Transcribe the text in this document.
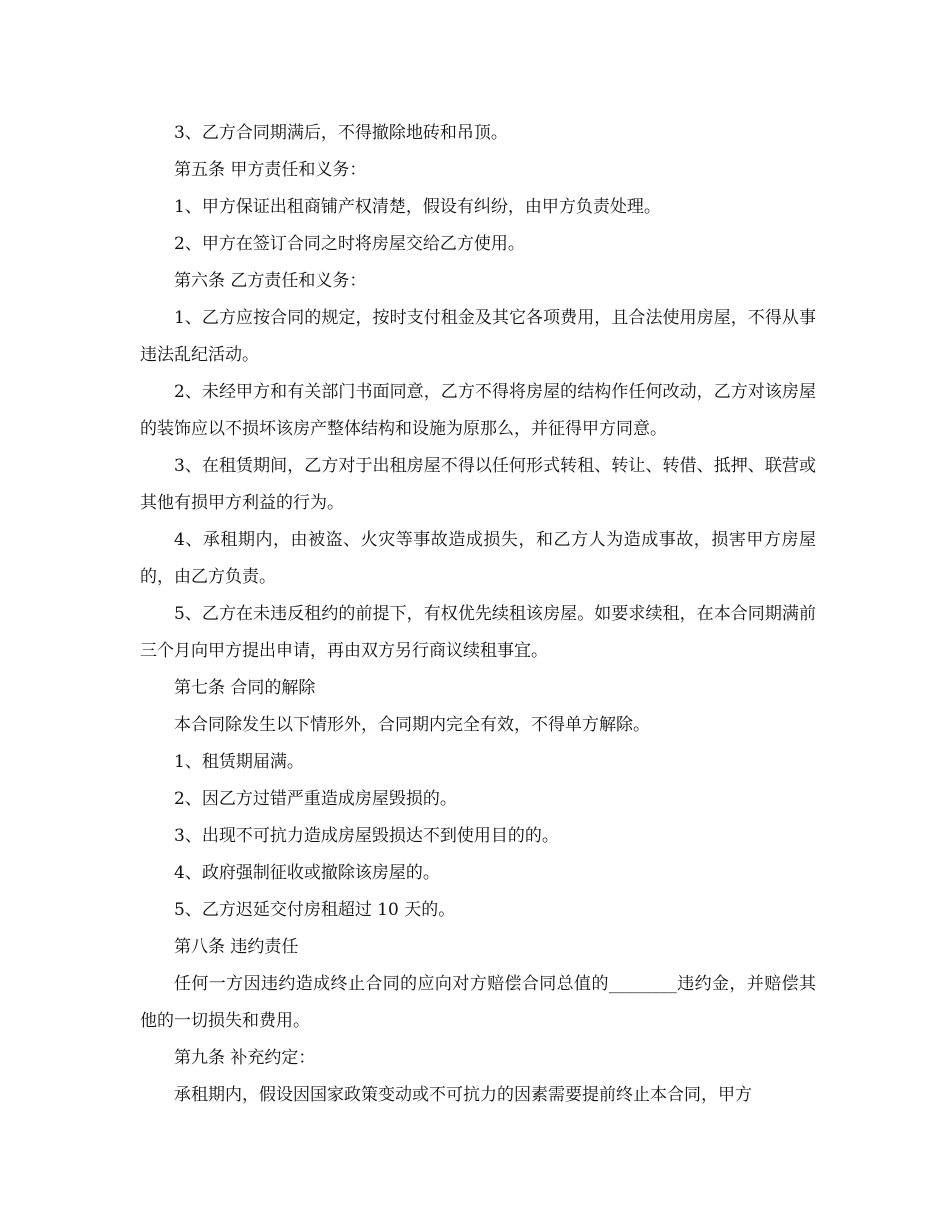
3、乙方合同期满后，不得撤除地砖和吊顶。

第五条 甲方责任和义务：

1、甲方保证出租商铺产权清楚，假设有纠纷，由甲方负责处理。

2、甲方在签订合同之时将房屋交给乙方使用。

第六条 乙方责任和义务：

1、乙方应按合同的规定，按时支付租金及其它各项费用，且合法使用房屋，不得从事违法乱纪活动。

2、未经甲方和有关部门书面同意，乙方不得将房屋的结构作任何改动，乙方对该房屋的装饰应以不损坏该房产整体结构和设施为原那么，并征得甲方同意。

3、在租赁期间，乙方对于出租房屋不得以任何形式转租、转让、转借、抵押、联营或其他有损甲方利益的行为。

4、承租期内，由被盗、火灾等事故造成损失，和乙方人为造成事故，损害甲方房屋的，由乙方负责。

5、乙方在未违反租约的前提下，有权优先续租该房屋。如要求续租，在本合同期满前三个月向甲方提出申请，再由双方另行商议续租事宜。

第七条 合同的解除

本合同除发生以下情形外，合同期内完全有效，不得单方解除。

1、租赁期届满。

2、因乙方过错严重造成房屋毁损的。

3、出现不可抗力造成房屋毁损达不到使用目的的。

4、政府强制征收或撤除该房屋的。

5、乙方迟延交付房租超过 10 天的。

第八条 违约责任

任何一方因违约造成终止合同的应向对方赔偿合同总值的________违约金，并赔偿其他的一切损失和费用。

第九条 补充约定：

承租期内，假设因国家政策变动或不可抗力的因素需要提前终止本合同，甲方
